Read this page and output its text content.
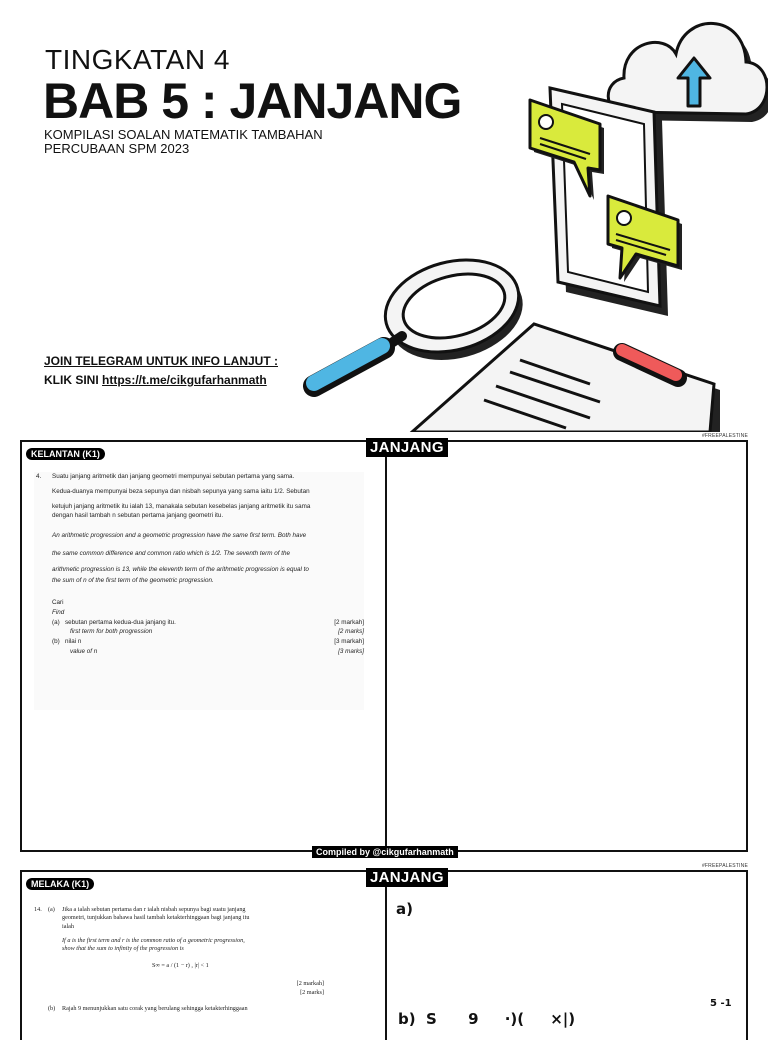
TINGKATAN 4
BAB 5 : JANJANG
KOMPILASI SOALAN MATEMATIK TAMBAHAN
PERCUBAAN SPM 2023
JOIN TELEGRAM UNTUK INFO LANJUT :
KLIK SINI https://t.me/cikgufarhanmath
#FREEPALESTINE
JANJANG
KELANTAN (K1)
4. Suatu janjang aritmetik dan janjang geometri mempunyai sebutan pertama yang sama.

Kedua-duanya mempunyai beza sepunya dan nisbah sepunya yang sama iaitu 1/2. Sebutan

ketujuh janjang aritmetik itu ialah 13, manakala sebutan kesebelas janjang aritmetik itu sama

dengan hasil tambah n sebutan pertama janjang geometri itu.

An arithmetic progression and a geometric progression have the same first term. Both have

the same common difference and common ratio which is 1/2. The seventh term of the

arithmetic progression is 13, while the eleventh term of the arithmetic progression is equal to

the sum of n of the first term of the geometric progression.

Cari
Find
(a) sebutan pertama kedua-dua janjang itu.	[2 markah]
first term for both progression	[2 marks]
(b) nilai n	[3 markah]
value of n	[3 marks]
Compiled by @cikgufarhanmath
#FREEPALESTINE
JANJANG
MELAKA (K1)
14.	(a)	Jika a ialah sebutan pertama dan r ialah nisbah sepunya bagi suatu janjang
geometri, tunjukkan bahawa hasil tambah ketakterhinggaan bagi janjang itu
ialah
If a is the first term and r is the common ratio of a geometric progression,
show that the sum to infinity of the progression is
S∞ = a / (1 − r) , |r| < 1
[2 markah]
[2 marks]
(b)	Rajah 9 menunjukkan satu corak yang berulang sehingga ketakterhinggaan
a)
b)  S      9     ·)(     ×|)
5 -1
